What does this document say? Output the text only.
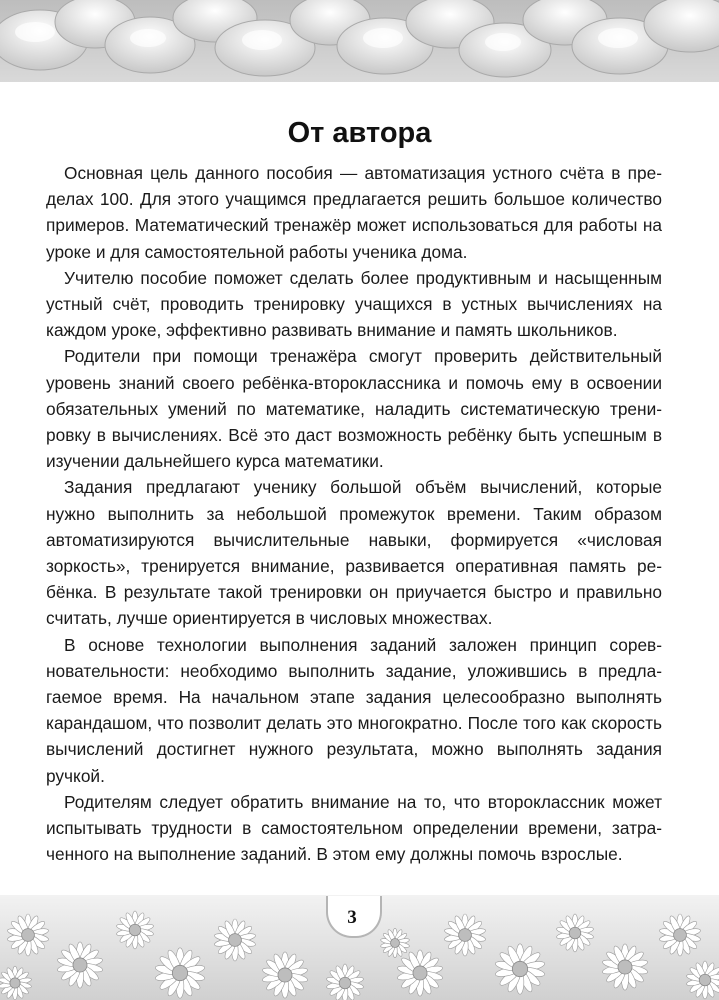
От автора

Основная цель данного пособия — автоматизация устного счёта в пределах 100. Для этого учащимся предлагается решить большое количество примеров. Математический тренажёр может использоваться для работы на уроке и для самостоятельной работы ученика дома.

Учителю пособие поможет сделать более продуктивным и насыщенным устный счёт, проводить тренировку учащихся в устных вычислениях на каждом уроке, эффективно развивать внимание и память школьников.

Родители при помощи тренажёра смогут проверить действительный уровень знаний своего ребёнка-второклассника и помочь ему в освоении обязательных умений по математике, наладить систематическую тренировку в вычислениях. Всё это даст возможность ребёнку быть успешным в изучении дальнейшего курса математики.

Задания предлагают ученику большой объём вычислений, которые нужно выполнить за небольшой промежуток времени. Таким образом автоматизируются вычислительные навыки, формируется «числовая зоркость», тренируется внимание, развивается оперативная память ребёнка. В результате такой тренировки он приучается быстро и правильно считать, лучше ориентируется в числовых множествах.

В основе технологии выполнения заданий заложен принцип соревновательности: необходимо выполнить задание, уложившись в предлагаемое время. На начальном этапе задания целесообразно выполнять карандашом, что позволит делать это многократно. После того как скорость вычислений достигнет нужного результата, можно выполнять задания ручкой.

Родителям следует обратить внимание на то, что второклассник может испытывать трудности в самостоятельном определении времени, затраченного на выполнение заданий. В этом ему должны помочь взрослые.

3
